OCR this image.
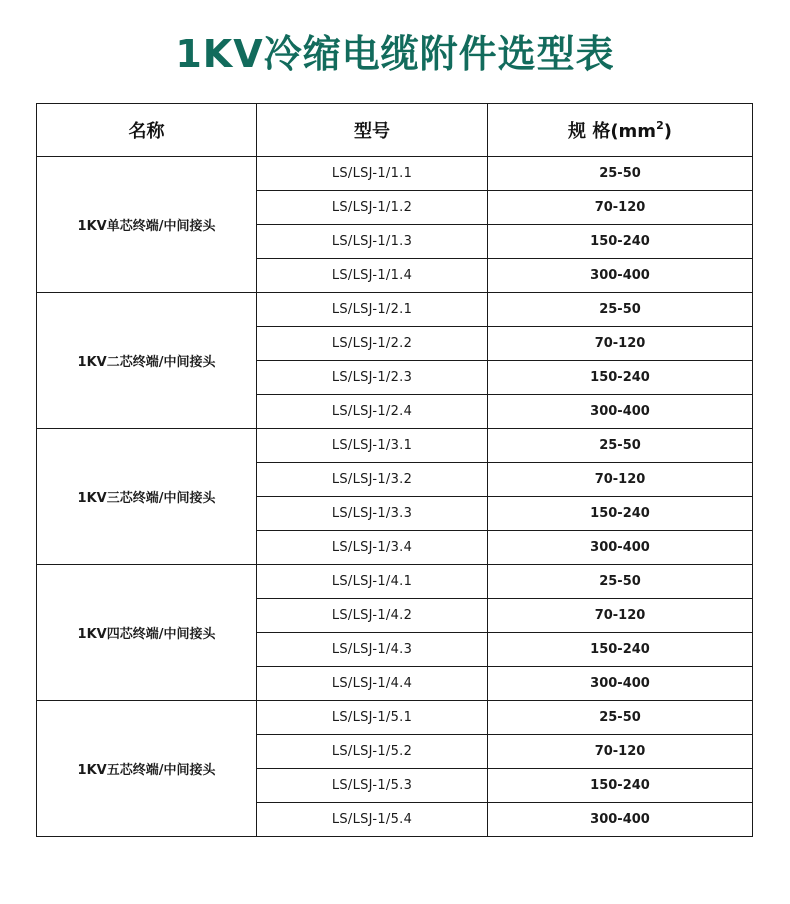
1KV冷缩电缆附件选型表
名称	型号	规 格$(mm^2)$
1KV单芯终端/中间接头	LS/LSJ-1/1.1	25-50
	LS/LSJ-1/1.2	70-120
	LS/LSJ-1/1.3	150-240
	LS/LSJ-1/1.4	300-400
1KV二芯终端/中间接头	LS/LSJ-1/2.1	25-50
	LS/LSJ-1/2.2	70-120
	LS/LSJ-1/2.3	150-240
	LS/LSJ-1/2.4	300-400
1KV三芯终端/中间接头	LS/LSJ-1/3.1	25-50
	LS/LSJ-1/3.2	70-120
	LS/LSJ-1/3.3	150-240
	LS/LSJ-1/3.4	300-400
1KV四芯终端/中间接头	LS/LSJ-1/4.1	25-50
	LS/LSJ-1/4.2	70-120
	LS/LSJ-1/4.3	150-240
	LS/LSJ-1/4.4	300-400
1KV五芯终端/中间接头	LS/LSJ-1/5.1	25-50
	LS/LSJ-1/5.2	70-120
	LS/LSJ-1/5.3	150-240
	LS/LSJ-1/5.4	300-400
